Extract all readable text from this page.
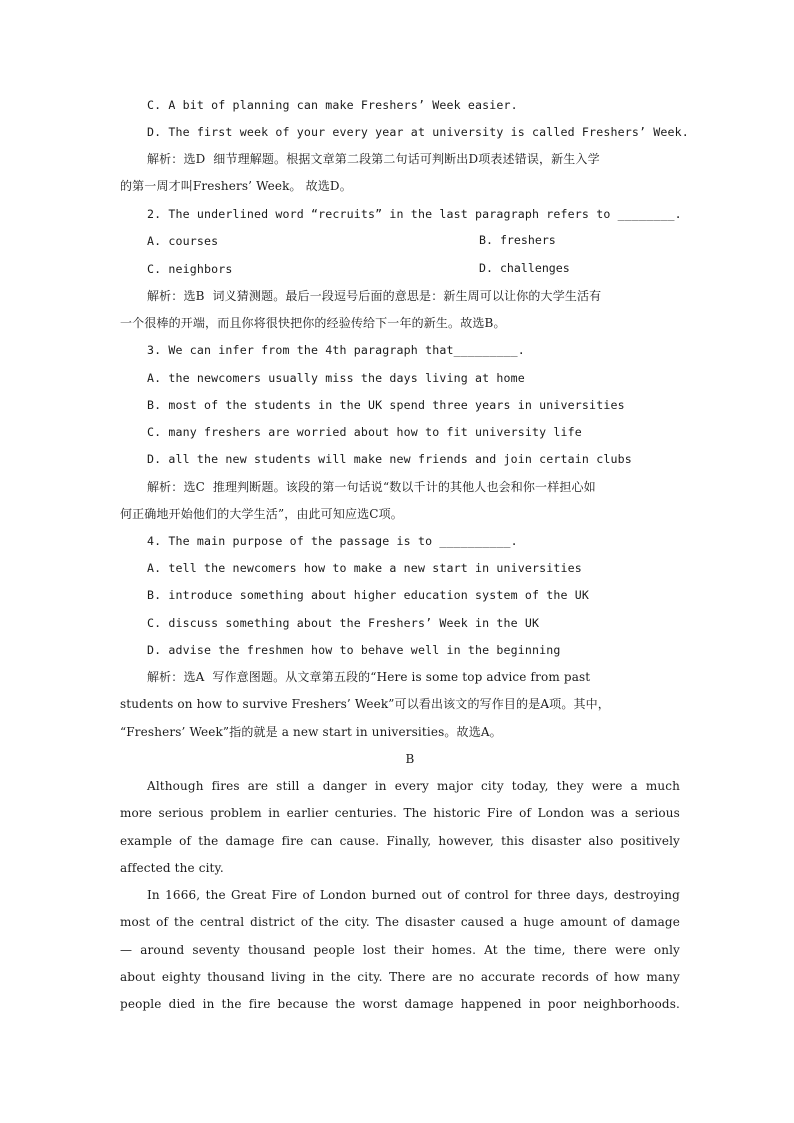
C. A bit of planning can make Freshers’ Week easier.
D. The first week of your every year at university is called Freshers’ Week.
解析：选D  细节理解题。根据文章第二段第二句话可判断出D项表述错误，新生入学
的第一周才叫Freshers’ Week。 故选D。
2. The underlined word “recruits” in the last paragraph refers to ________.
A. courses	B. freshers
C. neighbors	D. challenges
解析：选B  词义猜测题。最后一段逗号后面的意思是：新生周可以让你的大学生活有
一个很棒的开端，而且你将很快把你的经验传给下一年的新生。故选B。
3. We can infer from the 4th paragraph that_________.
A. the newcomers usually miss the days living at home
B. most of the students in the UK spend three years in universities
C. many freshers are worried about how to fit university life
D. all the new students will make new friends and join certain clubs
解析：选C  推理判断题。该段的第一句话说“数以千计的其他人也会和你一样担心如
何正确地开始他们的大学生活”，由此可知应选C项。
4. The main purpose of the passage is to __________.
A. tell the newcomers how to make a new start in universities
B. introduce something about higher education system of the UK
C. discuss something about the Freshers’ Week in the UK
D. advise the freshmen how to behave well in the beginning
解析：选A  写作意图题。从文章第五段的“Here is some top advice from past
students on how to survive Freshers’ Week”可以看出该文的写作目的是A项。其中，
“Freshers’ Week”指的就是 a new start in universities。故选A。
B
Although fires are still a danger in every major city today, they were a much
more serious problem in earlier centuries. The historic Fire of London was a serious
example of the damage fire can cause. Finally, however, this disaster also positively
affected the city.
In 1666, the Great Fire of London burned out of control for three days, destroying
most of the central district of the city. The disaster caused a huge amount of damage
— around seventy thousand people lost their homes. At the time, there were only
about eighty thousand living in the city. There are no accurate records of how many
people died in the fire because the worst damage happened in poor neighborhoods.
